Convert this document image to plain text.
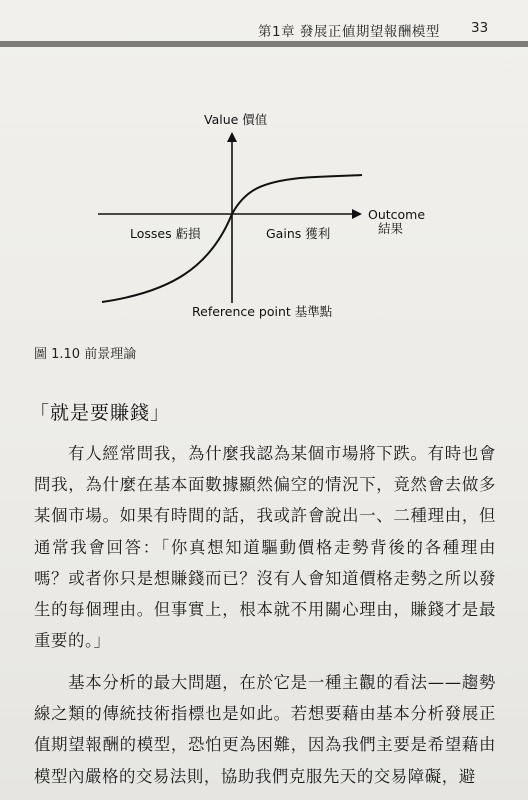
第1章 發展正値期望報酬模型 33
Value 價值
Outcome
結果
Losses 虧損	Gains 獲利
Reference point 基準點
圖 1.10 前景理論
「就是要賺錢」

有人經常問我，為什麼我認為某個市場將下跌。有時也會問我，為什麼在基本面數據顯然偏空的情況下，竟然會去做多某個市場。如果有時間的話，我或許會說出一、二種理由，但通常我會回答：「你真想知道驅動價格走勢背後的各種理由嗎？或者你只是想賺錢而已？沒有人會知道價格走勢之所以發生的每個理由。但事實上，根本就不用關心理由，賺錢才是最重要的。」

基本分析的最大問題，在於它是一種主觀的看法——趨勢線之類的傳統技術指標也是如此。若想要藉由基本分析發展正值期望報酬的模型，恐怕更為困難，因為我們主要是希望藉由模型內嚴格的交易法則，協助我們克服先天的交易障礙，避
